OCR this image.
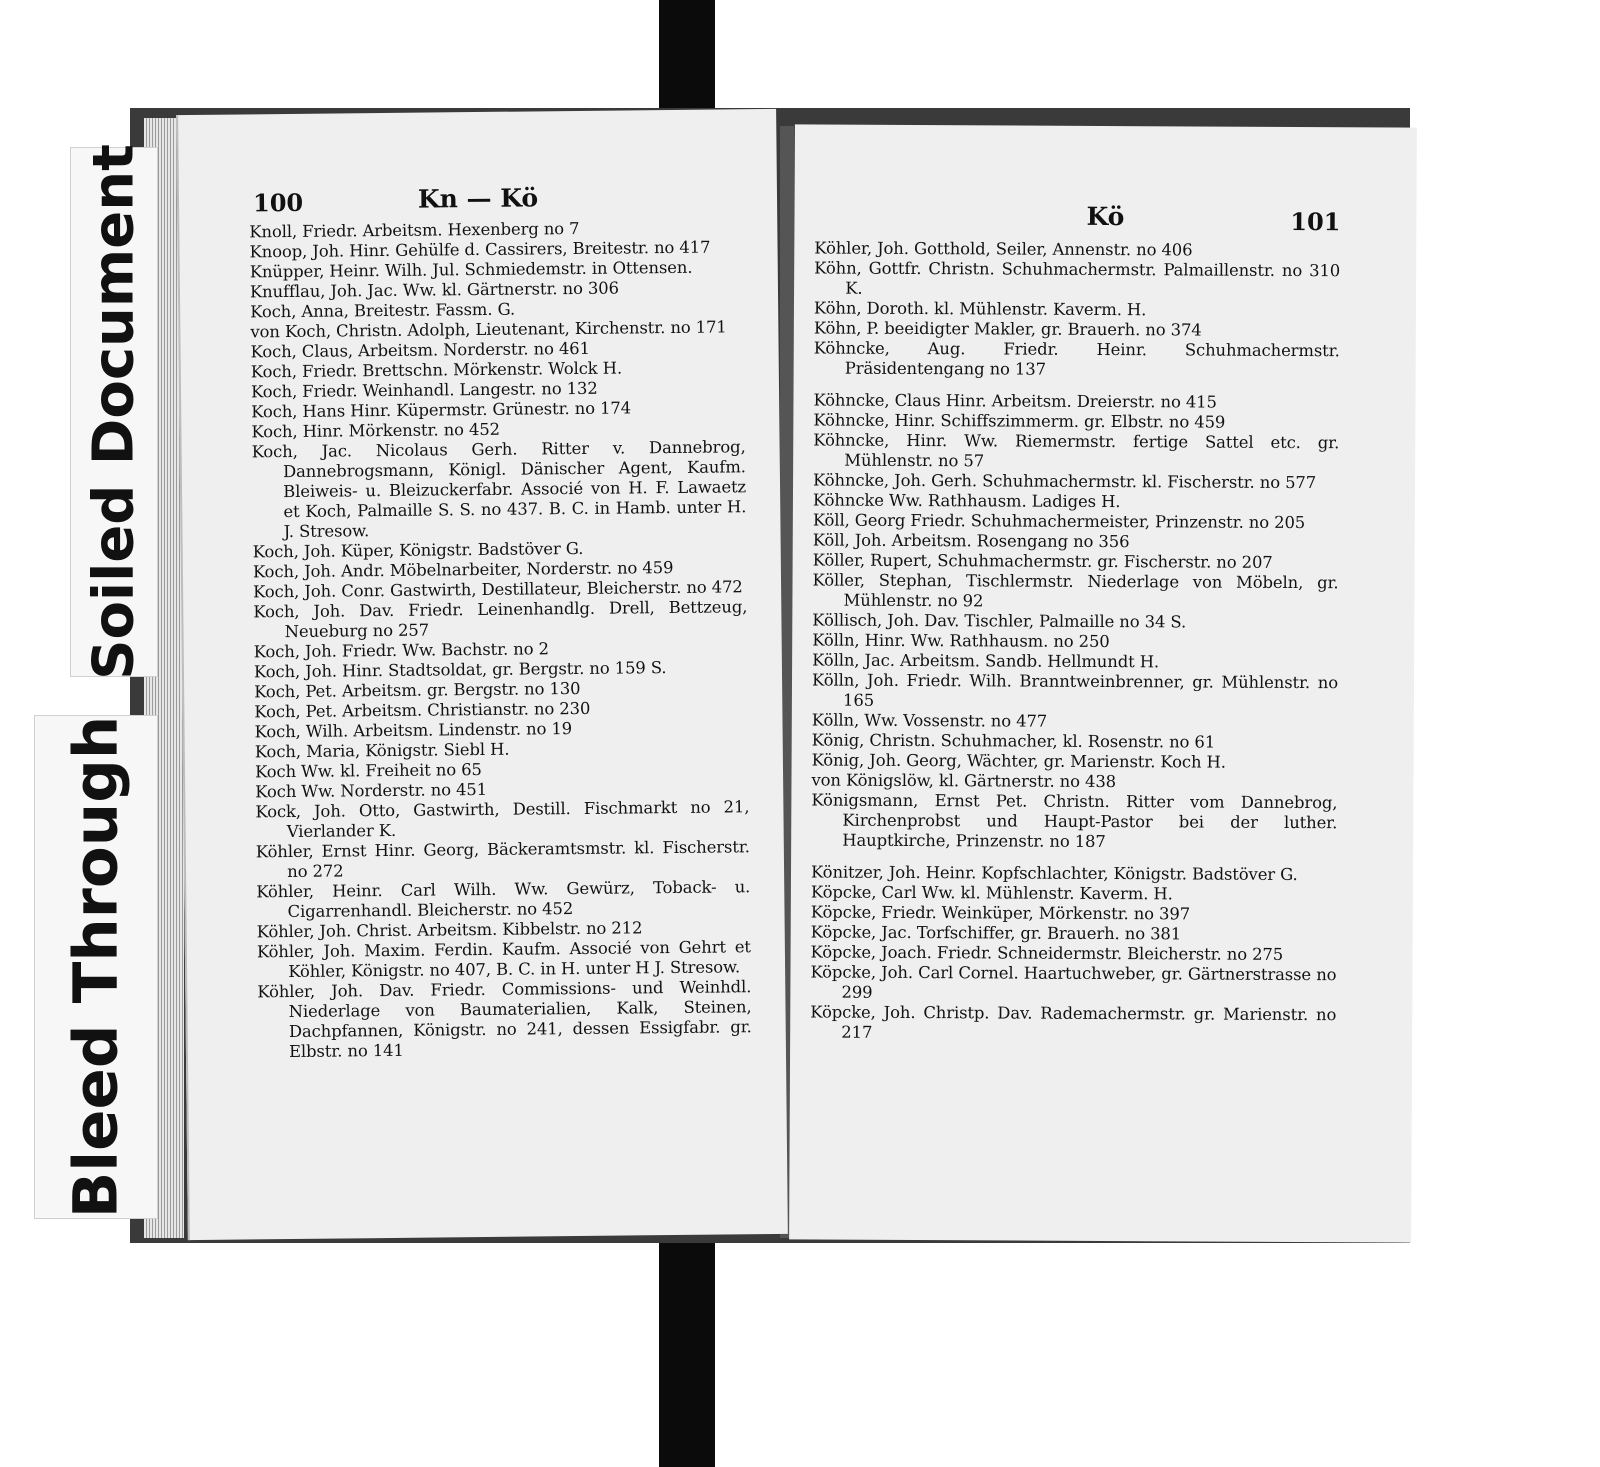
100	Kn — Kö
Knoll, Friedr. Arbeitsm. Hexenberg no 7
Knoop, Joh. Hinr. Gehülfe d. Cassirers, Breitestr. no 417
Knüpper, Heinr. Wilh. Jul. Schmiedemstr. in Ottensen.
Knufflau, Joh. Jac. Ww. kl. Gärtnerstr. no 306
Koch, Anna, Breitestr. Fassm. G.
von Koch, Christn. Adolph, Lieutenant, Kirchenstr. no 171
Koch, Claus, Arbeitsm. Norderstr. no 461
Koch, Friedr. Brettschn. Mörkenstr. Wolck H.
Koch, Friedr. Weinhandl. Langestr. no 132
Koch, Hans Hinr. Küpermstr. Grünestr. no 174
Koch, Hinr. Mörkenstr. no 452
Koch, Jac. Nicolaus Gerh. Ritter v. Dannebrog, Dannebrogsmann, Königl. Dänischer Agent, Kaufm. Bleiweis- u. Bleizuckerfabr. Associé von H. F. Lawaetz et Koch, Palmaille S. S. no 437. B. C. in Hamb. unter H. J. Stresow.
Koch, Joh. Küper, Königstr. Badstöver G.
Koch, Joh. Andr. Möbelnarbeiter, Norderstr. no 459
Koch, Joh. Conr. Gastwirth, Destillateur, Bleicherstr. no 472
Koch, Joh. Dav. Friedr. Leinenhandlg. Drell, Bettzeug, Neueburg no 257
Koch, Joh. Friedr. Ww. Bachstr. no 2
Koch, Joh. Hinr. Stadtsoldat, gr. Bergstr. no 159 S.
Koch, Pet. Arbeitsm. gr. Bergstr. no 130
Koch, Pet. Arbeitsm. Christianstr. no 230
Koch, Wilh. Arbeitsm. Lindenstr. no 19
Koch, Maria, Königstr. Siebl H.
Koch Ww. kl. Freiheit no 65
Koch Ww. Norderstr. no 451
Kock, Joh. Otto, Gastwirth, Destill. Fischmarkt no 21, Vierlander K.
Köhler, Ernst Hinr. Georg, Bäckeramtsmstr. kl. Fischerstr. no 272
Köhler, Heinr. Carl Wilh. Ww. Gewürz, Toback- u. Cigarrenhandl. Bleicherstr. no 452
Köhler, Joh. Christ. Arbeitsm. Kibbelstr. no 212
Köhler, Joh. Maxim. Ferdin. Kaufm. Associé von Gehrt et Köhler, Königstr. no 407, B. C. in H. unter H J. Stresow.
Köhler, Joh. Dav. Friedr. Commissions- und Weinhdl. Niederlage von Baumaterialien, Kalk, Steinen, Dachpfannen, Königstr. no 241, dessen Essigfabr. gr. Elbstr. no 141
Kö	101
Köhler, Joh. Gotthold, Seiler, Annenstr. no 406
Köhn, Gottfr. Christn. Schuhmachermstr. Palmaillenstr. no 310 K.
Köhn, Doroth. kl. Mühlenstr. Kaverm. H.
Köhn, P. beeidigter Makler, gr. Brauerh. no 374
Köhncke, Aug. Friedr. Heinr. Schuhmachermstr. Präsidentengang no 137
Köhncke, Claus Hinr. Arbeitsm. Dreierstr. no 415
Köhncke, Hinr. Schiffszimmerm. gr. Elbstr. no 459
Köhncke, Hinr. Ww. Riemermstr. fertige Sattel etc. gr. Mühlenstr. no 57
Köhncke, Joh. Gerh. Schuhmachermstr. kl. Fischerstr. no 577
Köhncke Ww. Rathhausm. Ladiges H.
Köll, Georg Friedr. Schuhmachermeister, Prinzenstr. no 205
Köll, Joh. Arbeitsm. Rosengang no 356
Köller, Rupert, Schuhmachermstr. gr. Fischerstr. no 207
Köller, Stephan, Tischlermstr. Niederlage von Möbeln, gr. Mühlenstr. no 92
Köllisch, Joh. Dav. Tischler, Palmaille no 34 S.
Kölln, Hinr. Ww. Rathhausm. no 250
Kölln, Jac. Arbeitsm. Sandb. Hellmundt H.
Kölln, Joh. Friedr. Wilh. Branntweinbrenner, gr. Mühlenstr. no 165
Kölln, Ww. Vossenstr. no 477
König, Christn. Schuhmacher, kl. Rosenstr. no 61
König, Joh. Georg, Wächter, gr. Marienstr. Koch H.
von Königslöw, kl. Gärtnerstr. no 438
Königsmann, Ernst Pet. Christn. Ritter vom Dannebrog, Kirchenprobst und Haupt-Pastor bei der luther. Hauptkirche, Prinzenstr. no 187
Könitzer, Joh. Heinr. Kopfschlachter, Königstr. Badstöver G.
Köpcke, Carl Ww. kl. Mühlenstr. Kaverm. H.
Köpcke, Friedr. Weinküper, Mörkenstr. no 397
Köpcke, Jac. Torfschiffer, gr. Brauerh. no 381
Köpcke, Joach. Friedr. Schneidermstr. Bleicherstr. no 275
Köpcke, Joh. Carl Cornel. Haartuchweber, gr. Gärtnerstrasse no 299
Köpcke, Joh. Christp. Dav. Rademachermstr. gr. Marienstr. no 217
Soiled Document
Bleed Through
